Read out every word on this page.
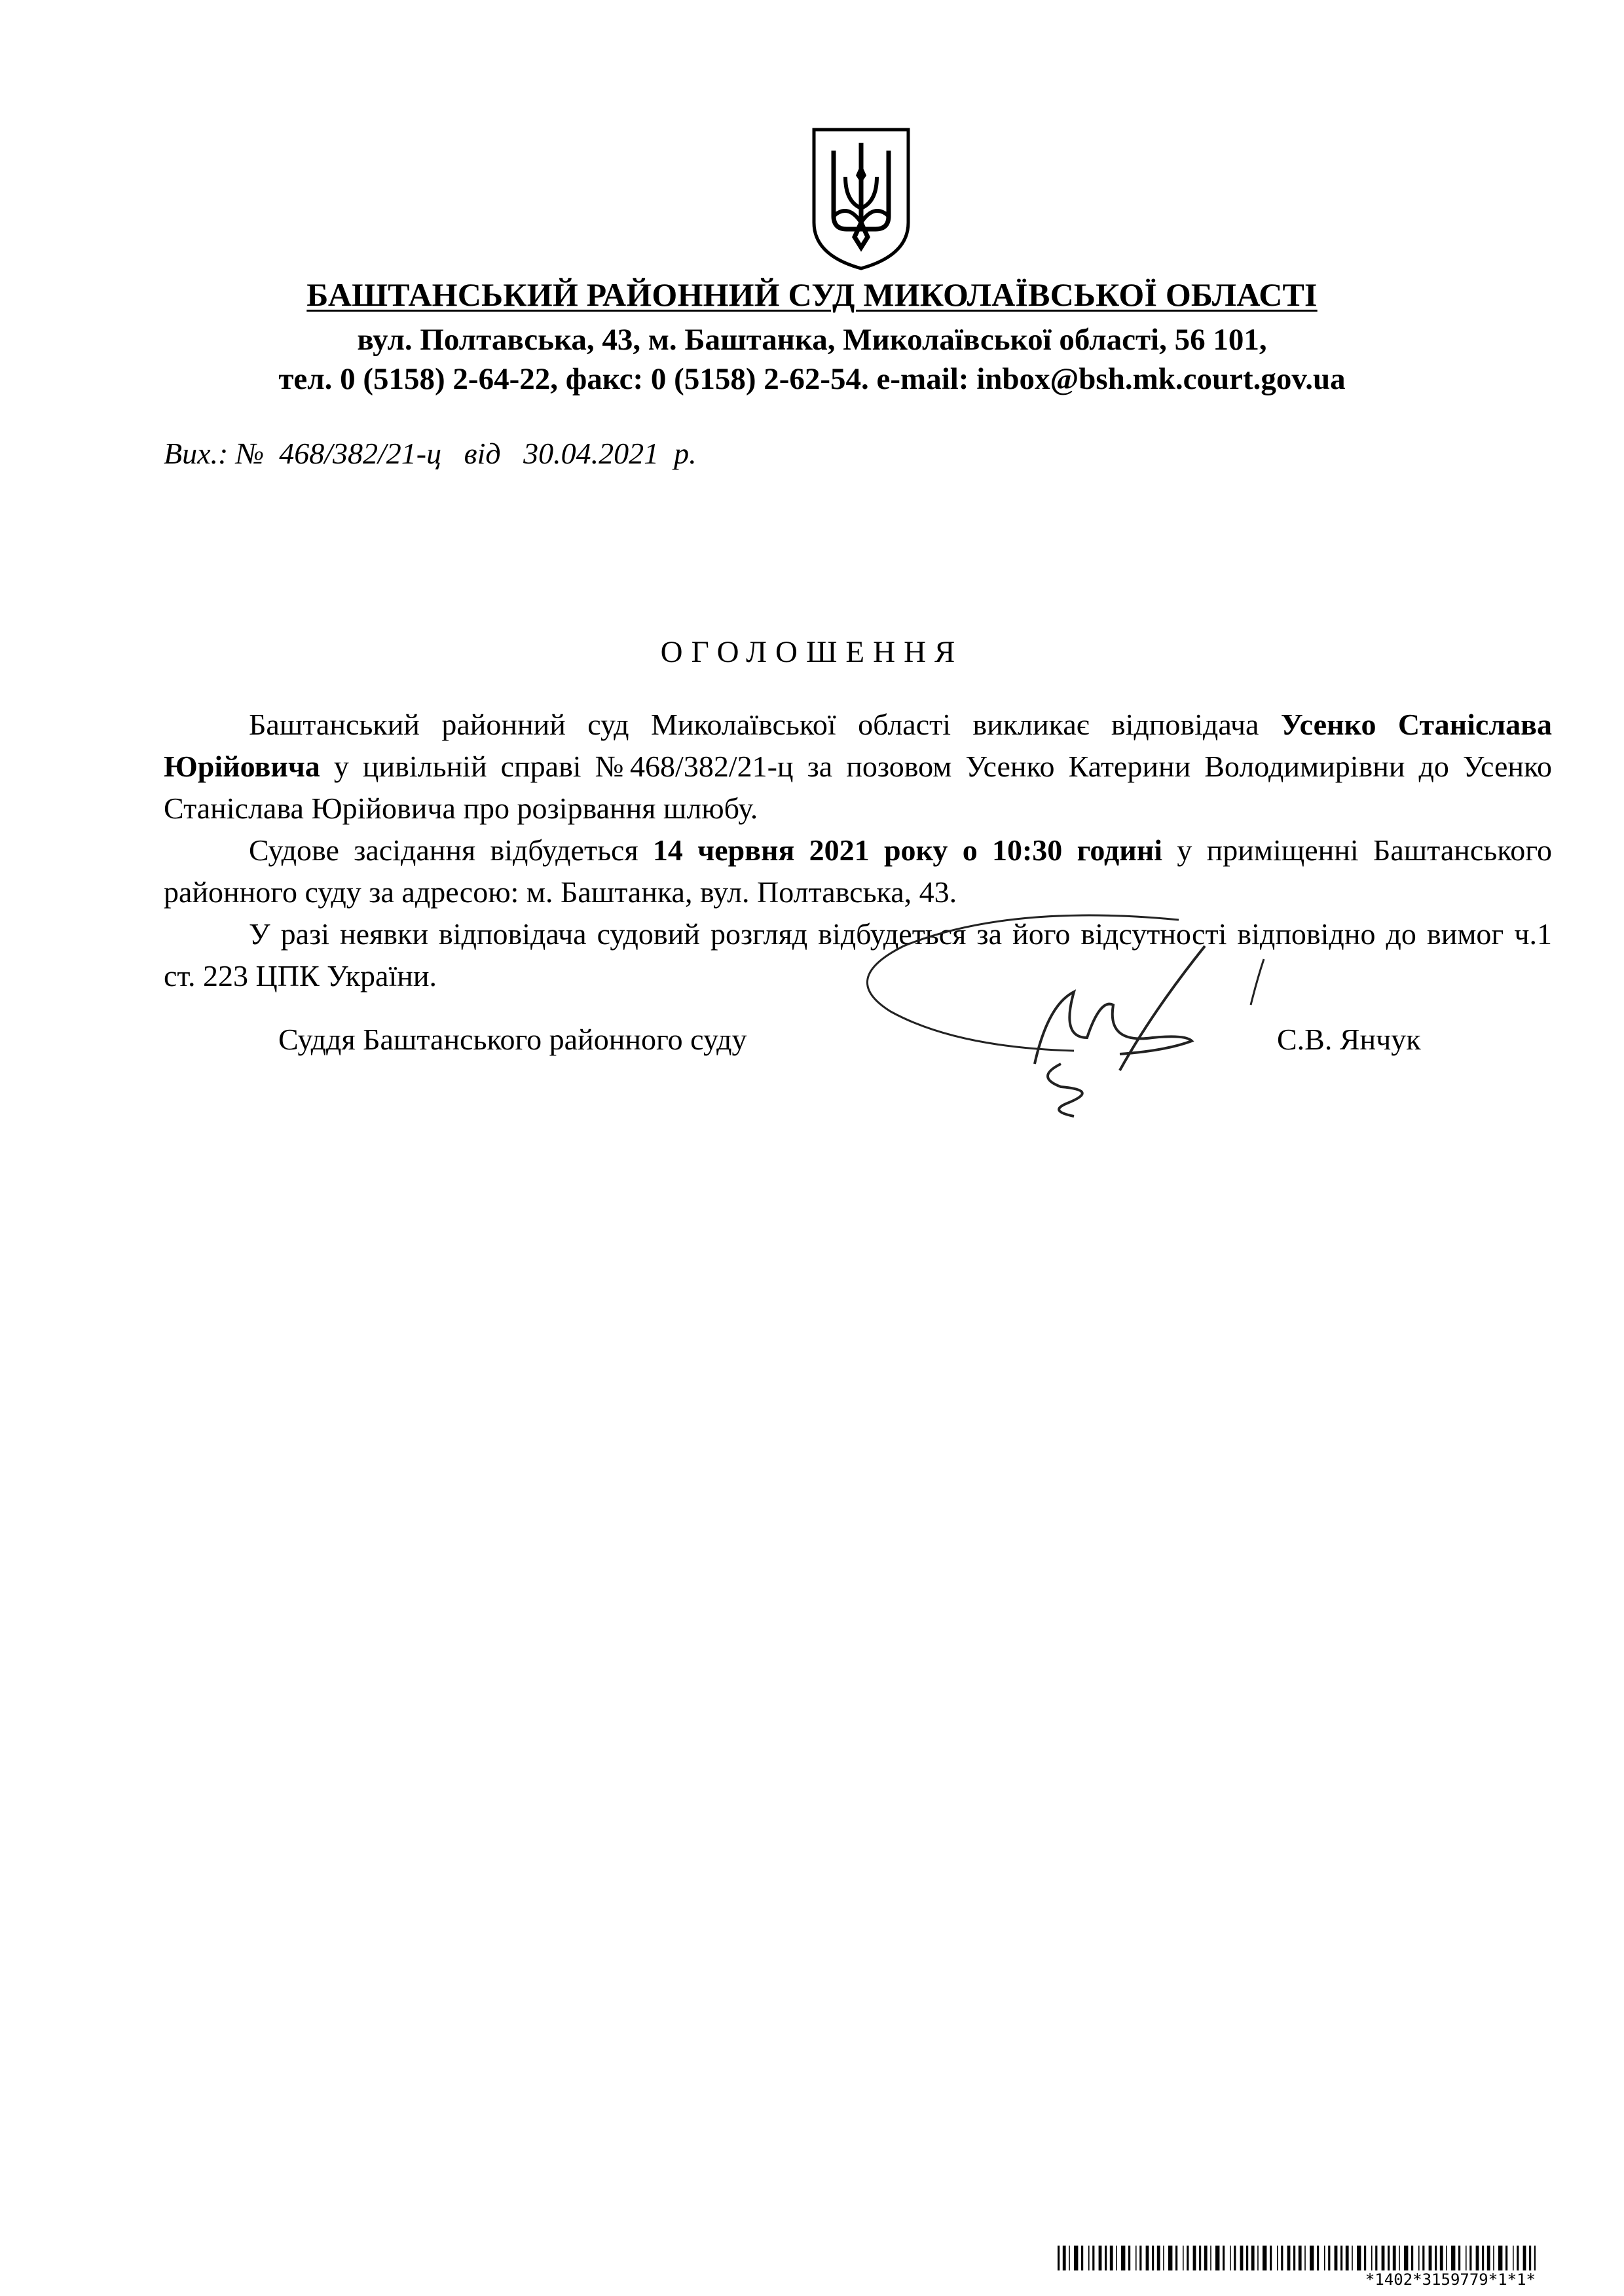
БАШТАНСЬКИЙ РАЙОННИЙ СУД МИКОЛАЇВСЬКОЇ ОБЛАСТІ
вул. Полтавська, 43, м. Баштанка, Миколаївської області, 56 101,
тел. 0 (5158) 2-64-22, факс: 0 (5158) 2-62-54. e-mail: inbox@bsh.mk.court.gov.ua
Вих.: № 468/382/21-ц від 30.04.2021 р.
ОГОЛОШЕННЯ

Баштанський районний суд Миколаївської області викликає відповідача Усенко Станіслава Юрійовича у цивільній справі №468/382/21-ц за позовом Усенко Катерини Володимирівни до Усенко Станіслава Юрійовича про розірвання шлюбу.

Судове засідання відбудеться 14 червня 2021 року о 10:30 годині у приміщенні Баштанського районного суду за адресою: м. Баштанка, вул. Полтавська, 43.

У разі неявки відповідача судовий розгляд відбудеться за його відсутності відповідно до вимог ч.1 ст. 223 ЦПК України.

Суддя Баштанського районного суду	С.В. Янчук
*1402*3159779*1*1*
